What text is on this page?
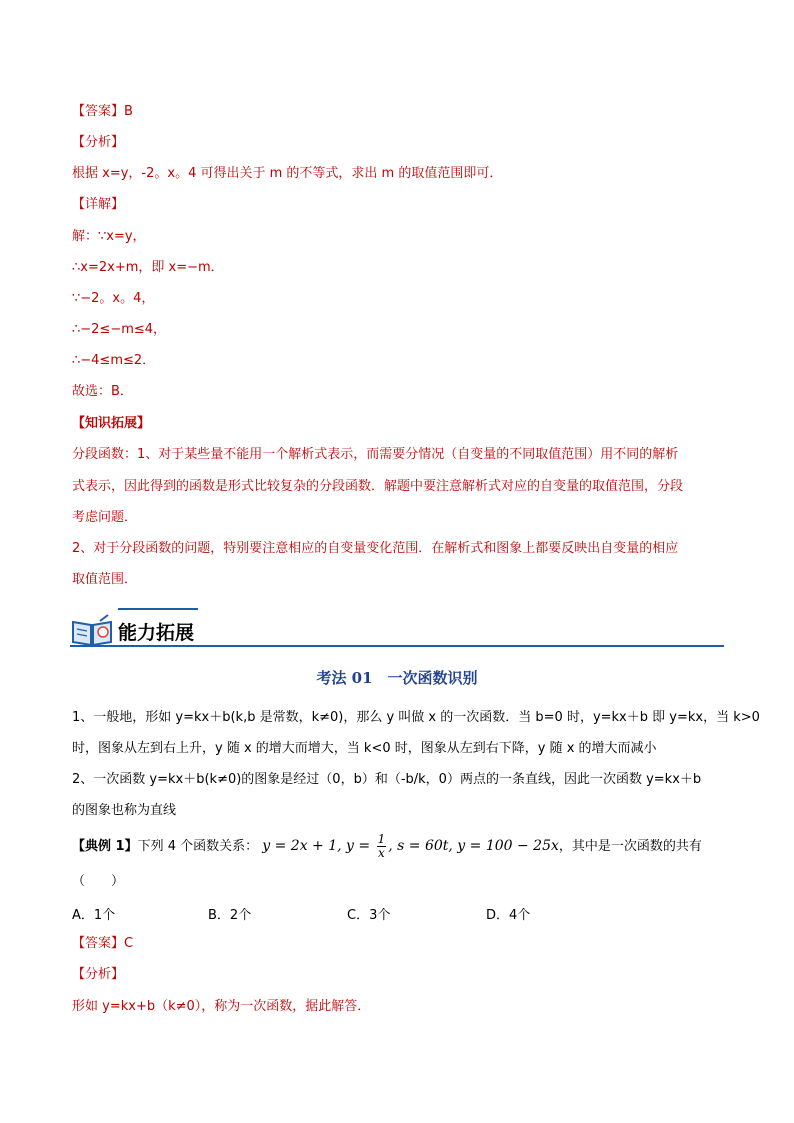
【答案】B
【分析】
根据 x=y，-2。x。4 可得出关于 m 的不等式，求出 m 的取值范围即可．
【详解】
解：∵x=y，
∴x=2x+m，即 x=−m．
∵−2。x。4，
∴−2≤−m≤4，
∴−4≤m≤2．
故选：B．
【知识拓展】
分段函数：1、对于某些量不能用一个解析式表示，而需要分情况（自变量的不同取值范围）用不同的解析
式表示，因此得到的函数是形式比较复杂的分段函数．解题中要注意解析式对应的自变量的取值范围，分段
考虑问题．
2、对于分段函数的问题，特别要注意相应的自变量变化范围．在解析式和图象上都要反映出自变量的相应
取值范围．
能力拓展
考法 01　一次函数识别
1、一般地，形如 y=kx＋b(k,b 是常数，k≠0)，那么 y 叫做 x 的一次函数．当 b=0 时，y=kx＋b 即 y=kx，当 k>0
时，图象从左到右上升，y 随 x 的增大而增大，当 k<0 时，图象从左到右下降，y 随 x 的增大而减小
2、一次函数 y=kx＋b(k≠0)的图象是经过（0，b）和（-b/k，0）两点的一条直线，因此一次函数 y=kx＋b
的图象也称为直线
【典例 1】下列 4 个函数关系： y = 2x + 1, $y = \frac{1}{x}$ , s = 60t, y = 100 − 25x，其中是一次函数的共有
（　　）
A．1个	B．2个	C．3个	D．4个
【答案】C
【分析】
形如 y=kx+b（k≠0），称为一次函数，据此解答．
